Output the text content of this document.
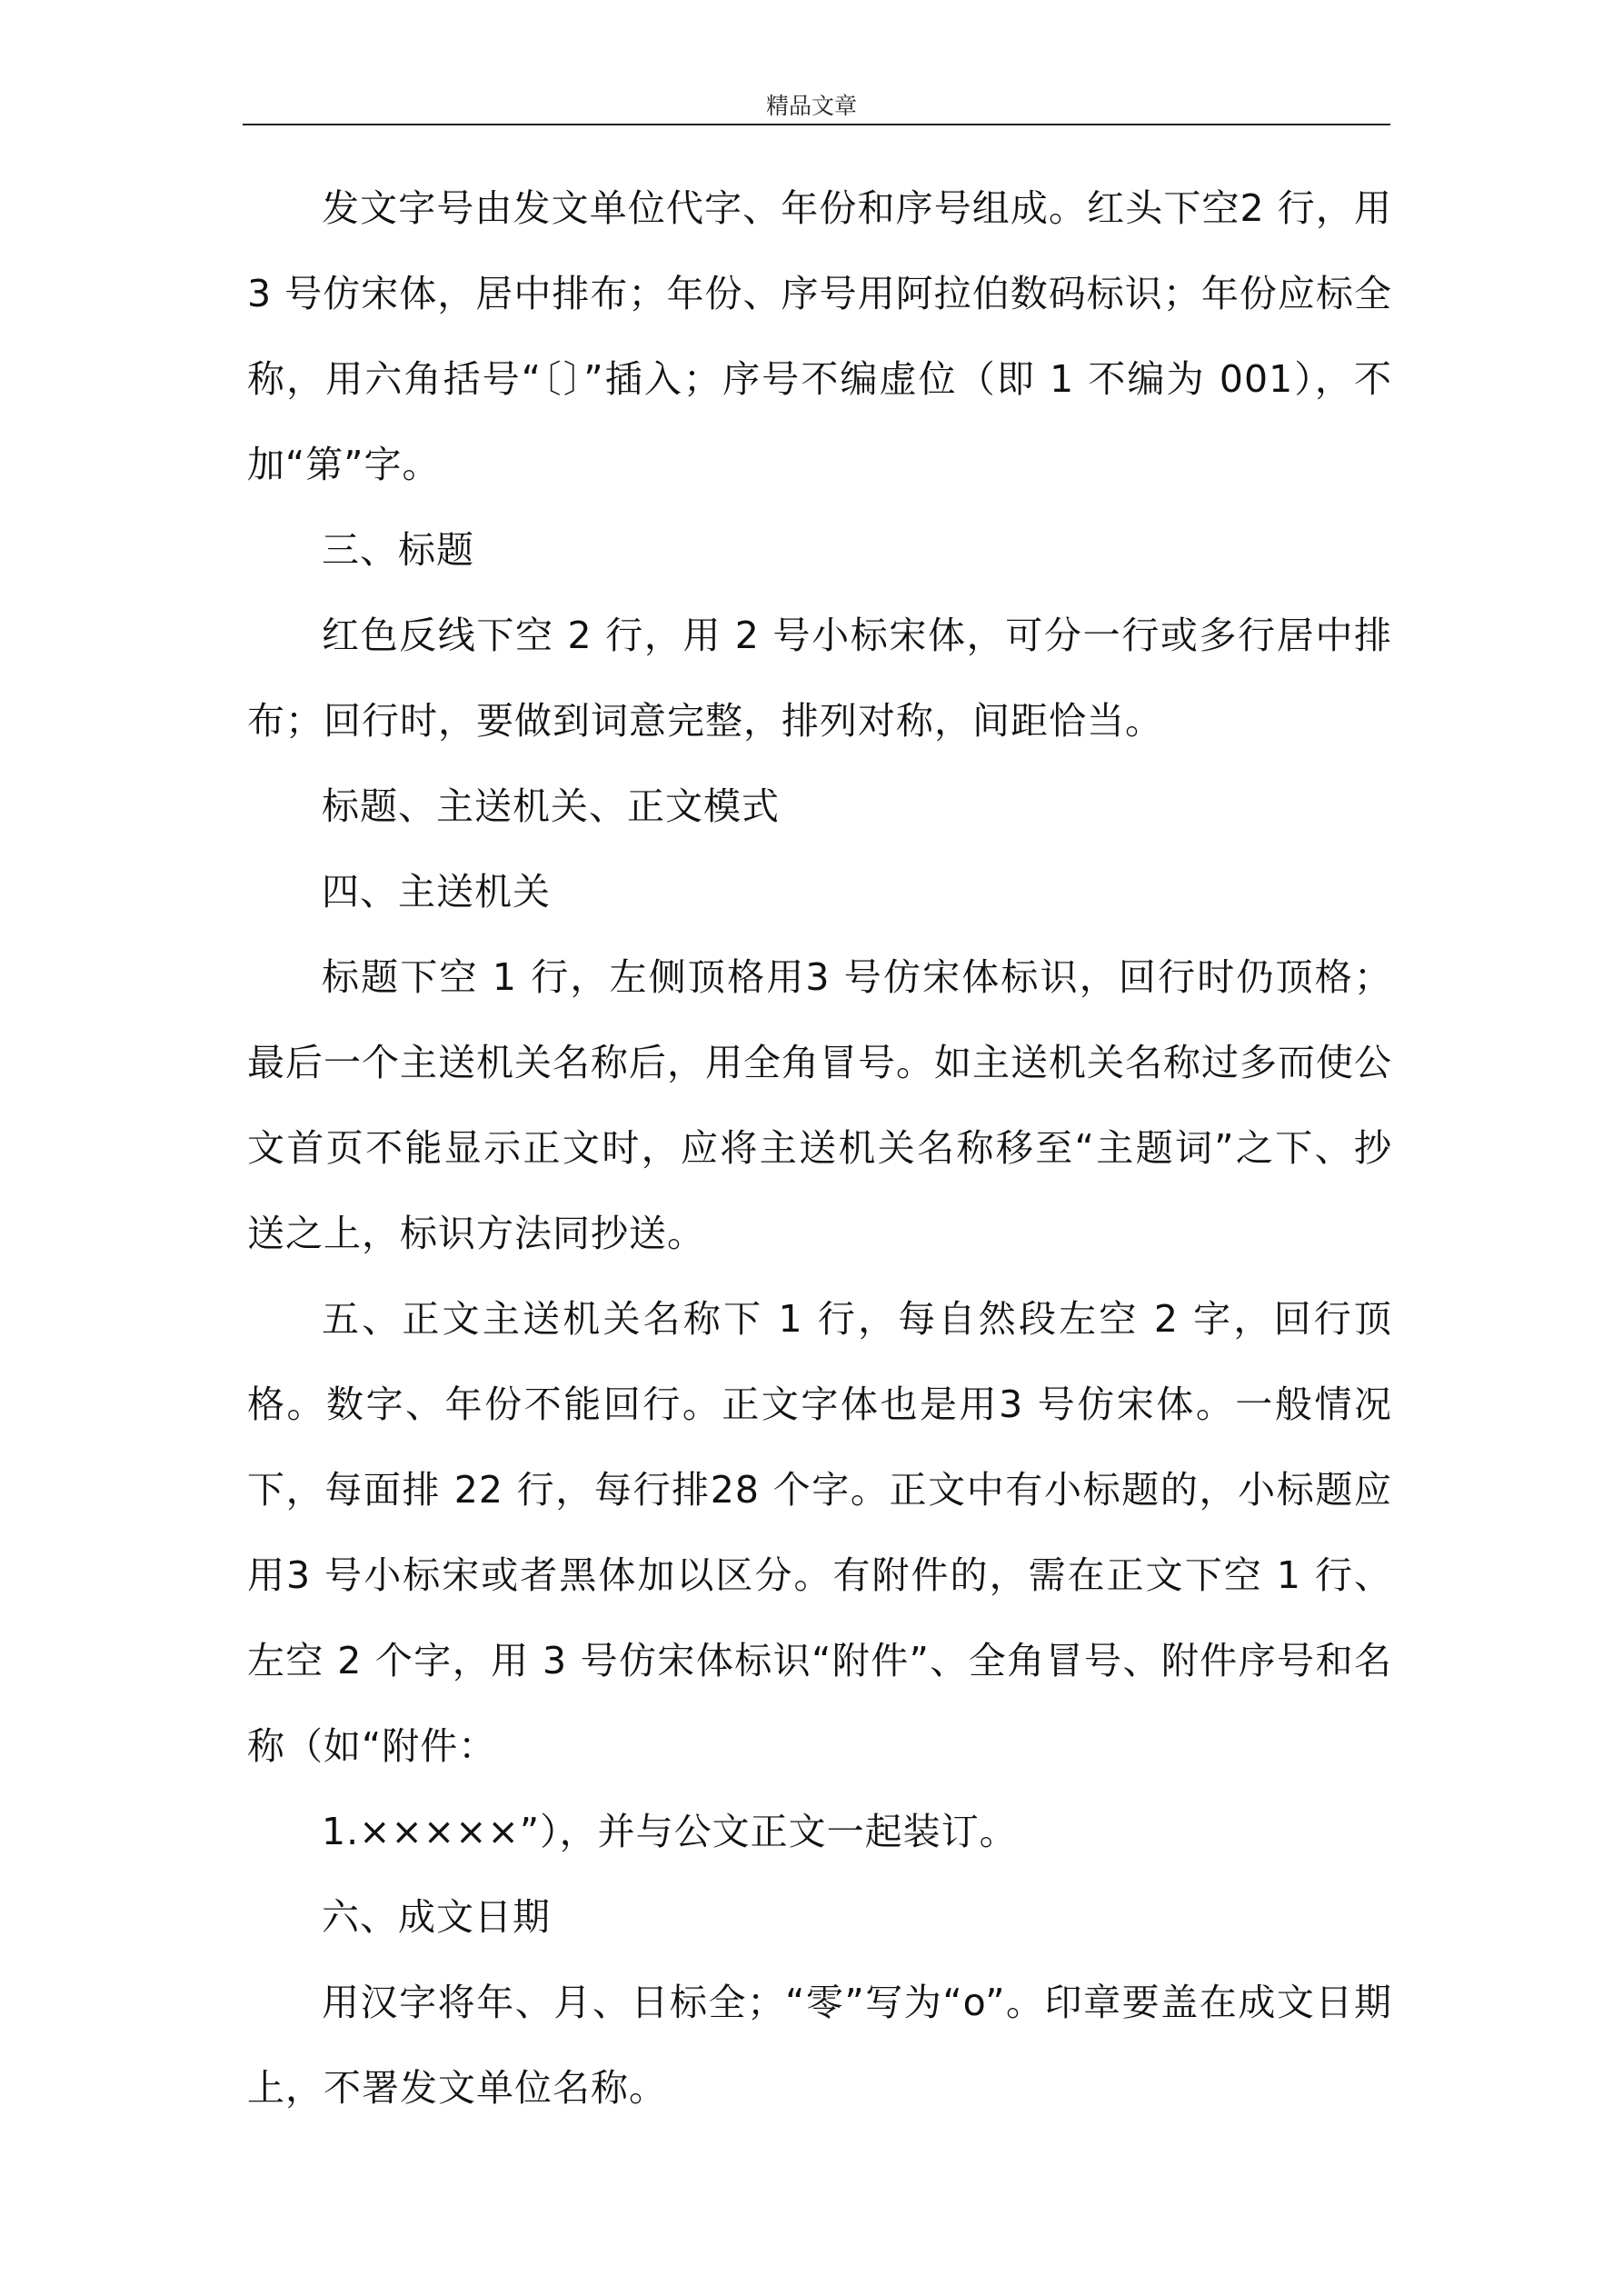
精品文章

发文字号由发文单位代字、年份和序号组成。红头下空2 行，用 3 号仿宋体，居中排布；年份、序号用阿拉伯数码标识；年份应标全称，用六角括号“〔〕”插入；序号不编虚位（即 1 不编为 001），不加“第”字。

三、标题

红色反线下空 2 行，用 2 号小标宋体，可分一行或多行居中排布；回行时，要做到词意完整，排列对称，间距恰当。

标题、主送机关、正文模式

四、主送机关

标题下空 1 行，左侧顶格用3 号仿宋体标识，回行时仍顶格；最后一个主送机关名称后，用全角冒号。如主送机关名称过多而使公文首页不能显示正文时，应将主送机关名称移至“主题词”之下、抄送之上，标识方法同抄送。

五、正文主送机关名称下 1 行，每自然段左空 2 字，回行顶格。数字、年份不能回行。正文字体也是用3 号仿宋体。一般情况下，每面排 22 行，每行排28 个字。正文中有小标题的，小标题应用3 号小标宋或者黑体加以区分。有附件的，需在正文下空 1 行、左空 2 个字，用 3 号仿宋体标识“附件”、全角冒号、附件序号和名称（如“附件：

1.×××××”），并与公文正文一起装订。

六、成文日期

用汉字将年、月、日标全；“零”写为“o”。印章要盖在成文日期上，不署发文单位名称。
